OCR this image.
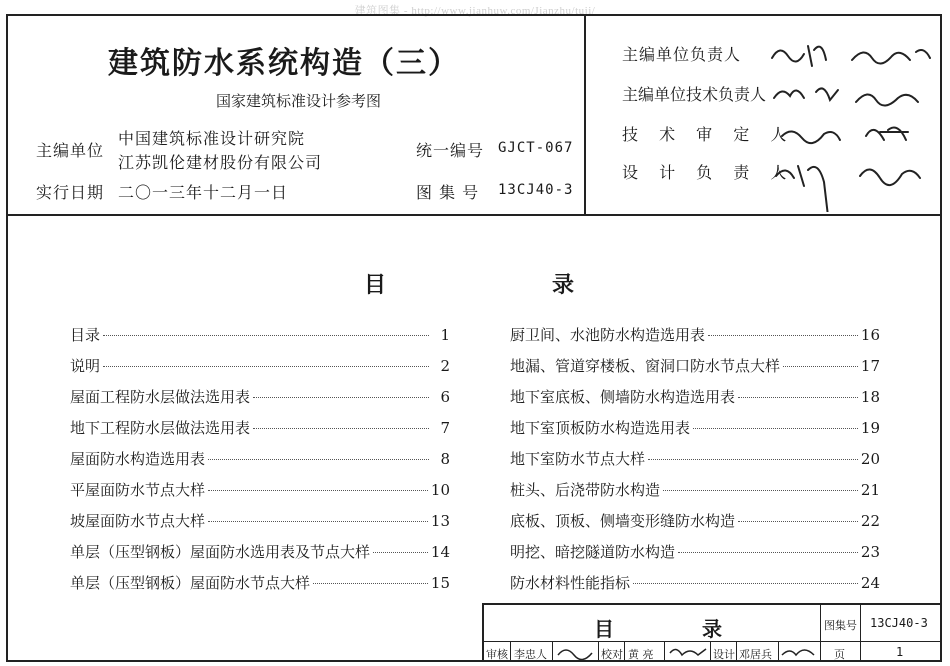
建筑图集 - http://www.jianhuw.com/Jianzhu/tuji/
建筑防水系统构造（三）
国家建筑标准设计参考图
主编单位
中国建筑标准设计研究院
江苏凯伦建材股份有限公司
实行日期 二〇一三年十二月一日
统一编号 GJCT-067
图 集 号 13CJ40-3
主编单位负责人
主编单位技术负责人
技 术 审 定 人
设 计 负 责 人
目	录
目录	1
说明	2
屋面工程防水层做法选用表	6
地下工程防水层做法选用表	7
屋面防水构造选用表	8
平屋面防水节点大样	10
坡屋面防水节点大样	13
单层（压型钢板）屋面防水选用表及节点大样	14
单层（压型钢板）屋面防水节点大样	15
厨卫间、水池防水构造选用表	16
地漏、管道穿楼板、窗洞口防水节点大样	17
地下室底板、侧墙防水构造选用表	18
地下室顶板防水构造选用表	19
地下室防水节点大样	20
桩头、后浇带防水构造	21
底板、顶板、侧墙变形缝防水构造	22
明挖、暗挖隧道防水构造	23
防水材料性能指标	24
目	录	图集号 13CJ40-3
审核 李忠人	校对 黄 亮	设计 邓居兵	页	1
